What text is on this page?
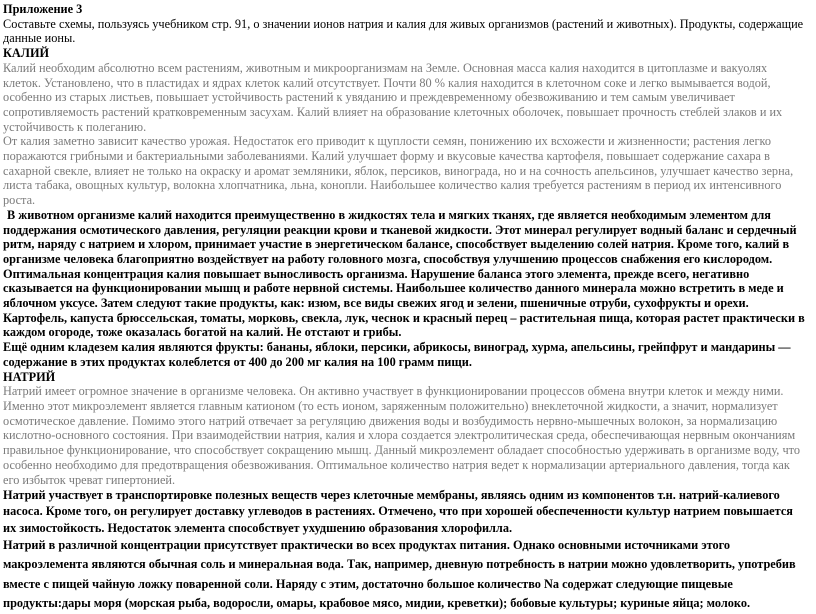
Приложение 3

Составьте схемы, пользуясь учебником стр. 91, о значении ионов натрия и калия для живых организмов (растений и животных). Продукты, содержащие данные ионы.

КАЛИЙ

Калий необходим абсолютно всем растениям, животным и микроорганизмам на Земле. Основная масса калия находится в цитоплазме и вакуолях клеток. Установлено, что в пластидах и ядрах клеток калий отсутствует. Почти 80 % калия находится в клеточном соке и легко вымывается водой, особенно из старых листьев, повышает устойчивость растений к увяданию и преждевременному обезвоживанию и тем самым увеличивает сопротивляемость растений кратковременным засухам. Калий влияет на образование клеточных оболочек, повышает прочность стеблей злаков и их устойчивость к полеганию.

От калия заметно зависит качество урожая. Недостаток его приводит к щуплости семян, понижению их всхожести и жизненности; растения легко поражаются грибными и бактериальными заболеваниями. Калий улучшает форму и вкусовые качества картофеля, повышает содержание сахара в сахарной свекле, влияет не только на окраску и аромат земляники, яблок, персиков, винограда, но и на сочность апельсинов, улучшает качество зерна, листа табака, овощных культур, волокна хлопчатника, льна, конопли. Наибольшее количество калия требуется растениям в период их интенсивного роста.

В животном организме калий находится преимущественно в жидкостях тела и мягких тканях, где является необходимым элементом для поддержания осмотического давления, регуляции реакции крови и тканевой жидкости. Этот минерал регулирует водный баланс и сердечный ритм, наряду с натрием и хлором, принимает участие в энергетическом балансе, способствует выделению солей натрия. Кроме того, калий в организме человека благоприятно воздействует на работу головного мозга, способствуя улучшению процессов снабжения его кислородом. Оптимальная концентрация калия повышает выносливость организма. Нарушение баланса этого элемента, прежде всего, негативно сказывается на функционировании мышц и работе нервной системы. Наибольшее количество данного минерала можно встретить в меде и яблочном уксусе. Затем следуют такие продукты, как: изюм, все виды свежих ягод и зелени, пшеничные отруби, сухофрукты и орехи. Картофель, капуста брюссельская, томаты, морковь, свекла, лук, чеснок и красный перец – растительная пища, которая растет практически в каждом огороде, тоже оказалась богатой на калий. Не отстают и грибы.

Ещё одним кладезем калия являются фрукты: бананы, яблоки, персики, абрикосы, виноград, хурма, апельсины, грейпфрут и мандарины — содержание в этих продуктах колеблется от 400 до 200 мг калия на 100 грамм пищи.

НАТРИЙ

Натрий имеет огромное значение в организме человека. Он активно участвует в функционировании процессов обмена внутри клеток и между ними. Именно этот микроэлемент является главным катионом (то есть ионом, заряженным положительно) внеклеточной жидкости, а значит, нормализует осмотическое давление. Помимо этого натрий отвечает за регуляцию движения воды и возбудимость нервно-мышечных волокон, за нормализацию кислотно-основного состояния. При взаимодействии натрия, калия и хлора создается электролитическая среда, обеспечивающая нервным окончаниям правильное функционирование, что способствует сокращению мышц. Данный микроэлемент обладает способностью удерживать в организме воду, что особенно необходимо для предотвращения обезвоживания. Оптимальное количество натрия ведет к нормализации артериального давления, тогда как его избыток чреват гипертонией.

Натрий участвует в транспортировке полезных веществ через клеточные мембраны, являясь одним из компонентов т.н. натрий-калиевого насоса. Кроме того, он регулирует доставку углеводов в растениях. Отмечено, что при хорошей обеспеченности культур натрием повышается их зимостойкость. Недостаток элемента способствует ухудшению образования хлорофилла.

Натрий в различной концентрации присутствует практически во всех продуктах питания. Однако основными источниками этого макроэлемента являются обычная соль и минеральная вода. Так, например, дневную потребность в натрии можно удовлетворить, употребив вместе с пищей чайную ложку поваренной соли. Наряду с этим, достаточно большое количество Na содержат следующие пищевые продукты:дары моря (морская рыба, водоросли, омары, крабовое мясо, мидии, креветки); бобовые культуры; куриные яйца; молоко.
